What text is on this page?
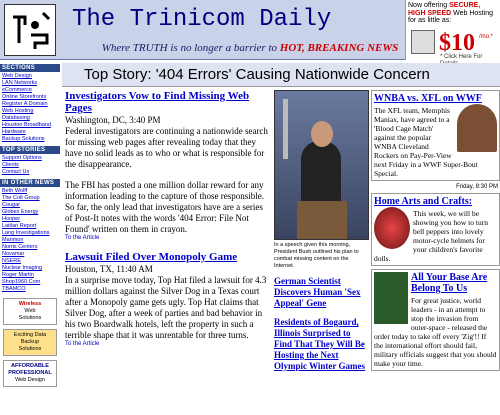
The Trinicom Daily
Where TRUTH is no longer a barrier to HOT, BREAKING NEWS
Now offering SECURE, HIGH SPEED Web Hosting for as little as:
$10 /mo.*
* Click Here For
SECTIONS
Web Design
LAN Networks
eCommerce
Online Storefronts
Register A Domain
Web Hosting
Databasing
Houston Broadband
Hardware
Backup Solutions
TOP STORIES
Support Options
Clients
Contact Us
IN OTHER NEWS
Beth Wolff
The Colt Group
Cougar
Globex Energy
Hooper
Laitlan Report
Lang Investigations
Marimon
Norris Centers
Novamar
NSERE
Nuclear Imaging
Roger Martin
Shop1960.Com
TBAMCO
Wireless
Web
Solutions
Exciting Data
Backup
Solutions
AFFORDABLE
PROFESSIONAL
Web Design
Top Story: '404 Errors' Causing Nationwide Concern
Investigators Vow to Find Missing Web Pages
Washington, DC, 3:40 PM
Federal investigators are continuing a nationwide search for missing web pages after revealing today that they have no solid leads as to who or what is responsible for the disappearance.
The FBI has posted a one million dollar reward for any information leading to the capture of those responsible. So far, the only lead that investigators have are a series of Post-It notes with the words '404 Error: File Not Found' written on them in crayon.
To the Article
Lawsuit Filed Over Monopoly Game
Houston, TX, 11:40 AM
In a surprise move today, Top Hat filed a lawsuit for 4.3 million dollars against the Silver Dog in a Texas court after a Monopoly game gets ugly. Top Hat claims that Silver Dog, after a week of parties and bad behavior in his two Boardwalk hotels, left the property in such a terrible shape that it was unrentable for three turns.
To the Article
In a speech given this morning, President Bush outlined his plan to combat missing content on the Internet.
German Scientist Discovers Human 'Sex Appeal' Gene
Residents of Bogaurd, Illinois Surprised to Find That They Will Be Hosting the Next Olympic Winter Games
WNBA vs. XFL on WWF
The XFL team, Memphis Maniax, have agreed to a 'Blood Cage Match' against the popular WNBA Cleveland Rockers on Pay-Per-View next Friday in a WWF Super-Bout Special.
Friday, 8:30 PM
Home Arts and Crafts:
This week, we will be showing you how to turn bell peppers into lovely motor-cycle helmets for your children's favorite dolls.
All Your Base Are Belong To Us
For great justice, world leaders - in an attempt to stop the invasion from outer-space - released the order today to take off every 'Zig'!! If the international effort should fail, military officials suggest that you should make your time.
